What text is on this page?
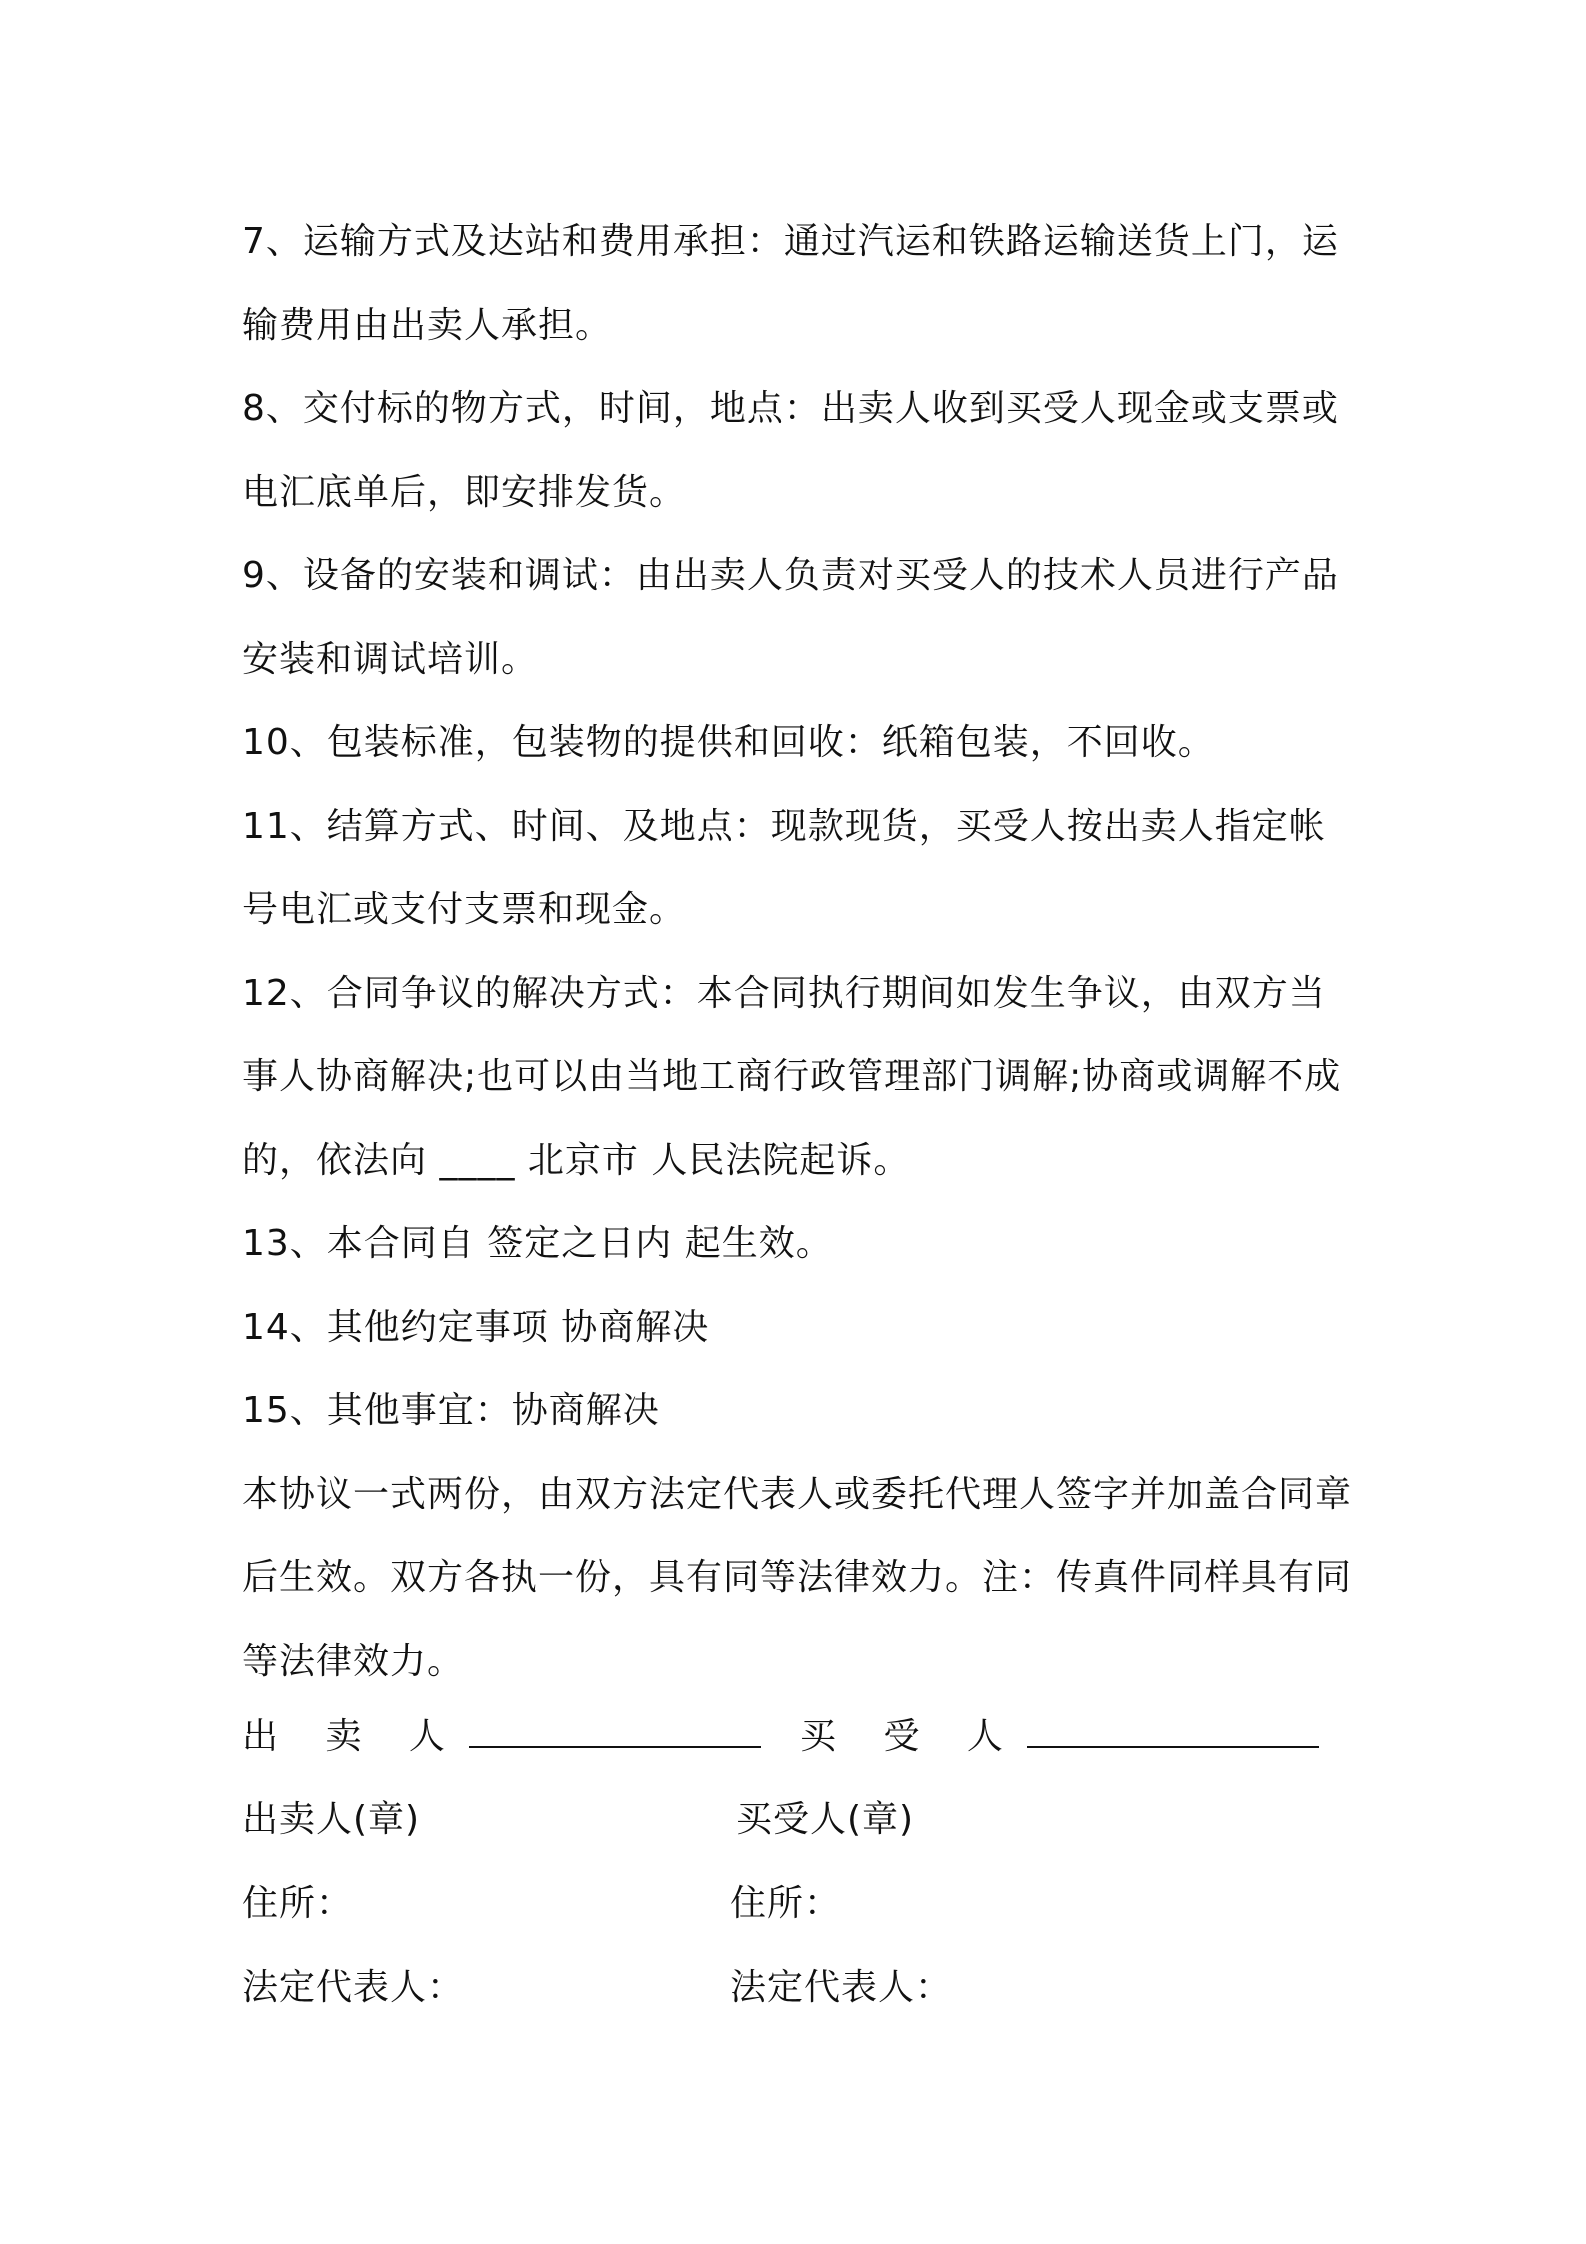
7、运输方式及达站和费用承担：通过汽运和铁路运输送货上门，运输费用由出卖人承担。

8、交付标的物方式，时间，地点：出卖人收到买受人现金或支票或电汇底单后，即安排发货。

9、设备的安装和调试：由出卖人负责对买受人的技术人员进行产品安装和调试培训。

10、包装标准，包装物的提供和回收：纸箱包装，不回收。

11、结算方式、时间、及地点：现款现货，买受人按出卖人指定帐号电汇或支付支票和现金。

12、合同争议的解决方式：本合同执行期间如发生争议，由双方当事人协商解决;也可以由当地工商行政管理部门调解;协商或调解不成的，依法向 ____ 北京市 人民法院起诉。

13、本合同自 签定之日内 起生效。

14、其他约定事项 协商解决

15、其他事宜：协商解决

本协议一式两份，由双方法定代表人或委托代理人签字并加盖合同章后生效。双方各执一份，具有同等法律效力。注：传真件同样具有同等法律效力。

出 卖 人	买 受 人
出卖人(章)	买受人(章)
住所：	住所：
法定代表人：	法定代表人：
